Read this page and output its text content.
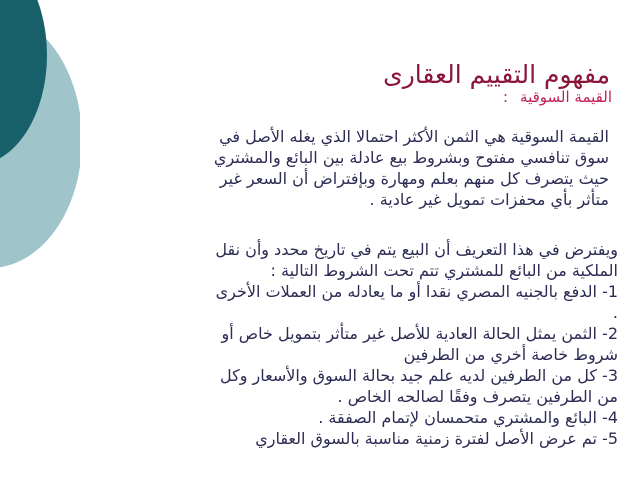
مفهوم التقييم العقارى
القيمة السوقية:
القيمة السوقية هي الثمن الأكثر احتمالا الذي يغله الأصل في
سوق تنافسي مفتوح وبشروط بيع عادلة بين البائع والمشتري
حيث يتصرف كل منهم بعلم ومهارة وبإفتراض أن السعر غير
متأثر بأي محفزات تمويل غير عادية .
ويفترض في هذا التعريف أن البيع يتم في تاريخ محدد وأن نقل
الملكية من البائع للمشتري تتم تحت الشروط التالية :
1- الدفع بالجنيه المصري نقدا أو ما يعادله من العملات الأخرى
.
2- الثمن يمثل الحالة العادية للأصل غير متأثر بتمويل خاص أو
شروط خاصة أخري من الطرفين
3- كل من الطرفين لديه علم جيد بحالة السوق والأسعار وكل
من الطرفين يتصرف وفقًا لصالحه الخاص .
4- البائع والمشتري متحمسان لإتمام الصفقة .
5- تم عرض الأصل لفترة زمنية مناسبة بالسوق العقاري
